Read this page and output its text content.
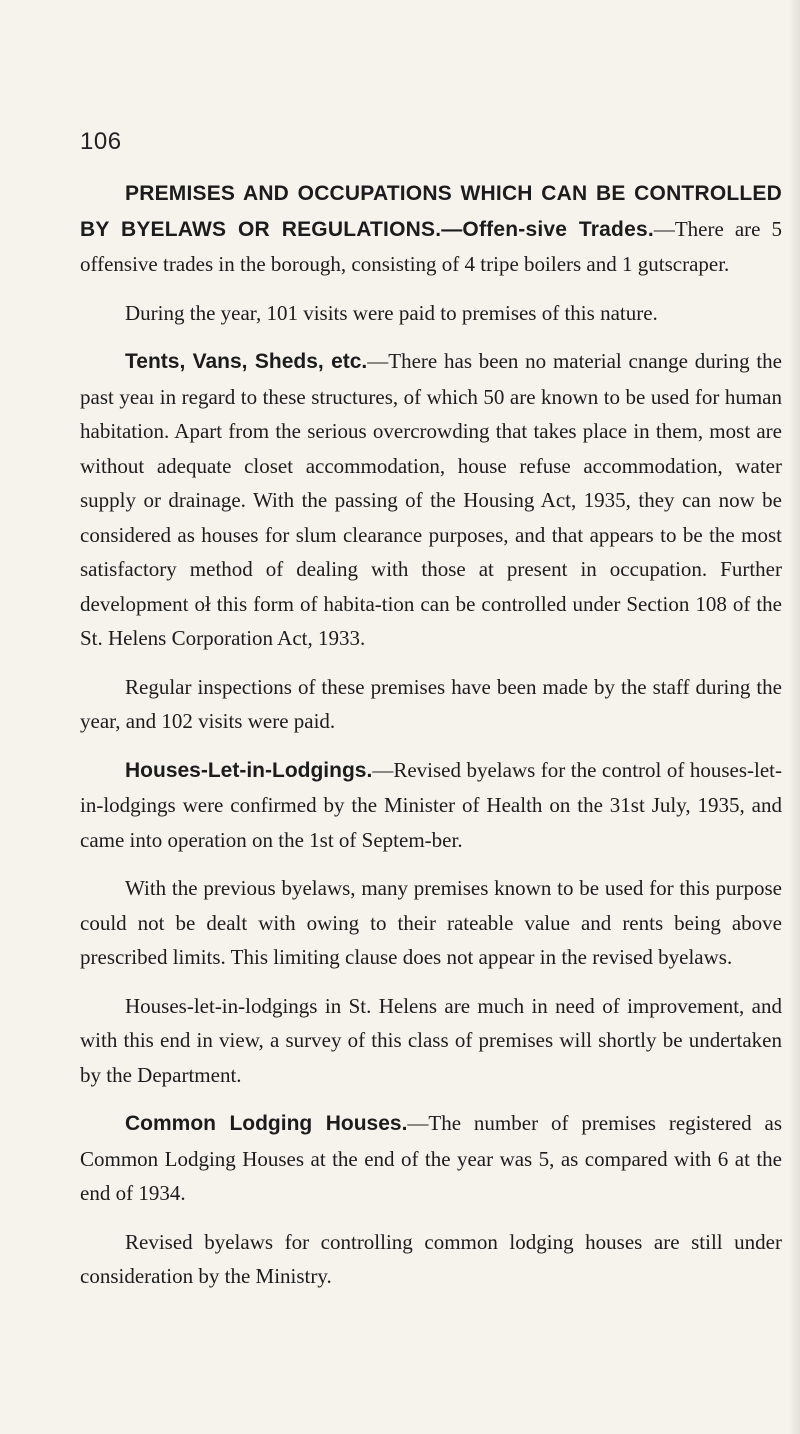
106

PREMISES AND OCCUPATIONS WHICH CAN BE CONTROLLED BY BYELAWS OR REGULATIONS.—Offen-sive Trades.—There are 5 offensive trades in the borough, consisting of 4 tripe boilers and 1 gutscraper.

During the year, 101 visits were paid to premises of this nature.

Tents, Vans, Sheds, etc.—There has been no material cnange during the past yeaı in regard to these structures, of which 50 are known to be used for human habitation. Apart from the serious overcrowding that takes place in them, most are without adequate closet accommodation, house refuse accommodation, water supply or drainage. With the passing of the Housing Act, 1935, they can now be considered as houses for slum clearance purposes, and that appears to be the most satisfactory method of dealing with those at present in occupation. Further development oł this form of habita-tion can be controlled under Section 108 of the St. Helens Corporation Act, 1933.

Regular inspections of these premises have been made by the staff during the year, and 102 visits were paid.

Houses-Let-in-Lodgings.—Revised byelaws for the control of houses-let-in-lodgings were confirmed by the Minister of Health on the 31st July, 1935, and came into operation on the 1st of Septem-ber.

With the previous byelaws, many premises known to be used for this purpose could not be dealt with owing to their rateable value and rents being above prescribed limits. This limiting clause does not appear in the revised byelaws.

Houses-let-in-lodgings in St. Helens are much in need of improvement, and with this end in view, a survey of this class of premises will shortly be undertaken by the Department.

Common Lodging Houses.—The number of premises registered as Common Lodging Houses at the end of the year was 5, as compared with 6 at the end of 1934.

Revised byelaws for controlling common lodging houses are still under consideration by the Ministry.
